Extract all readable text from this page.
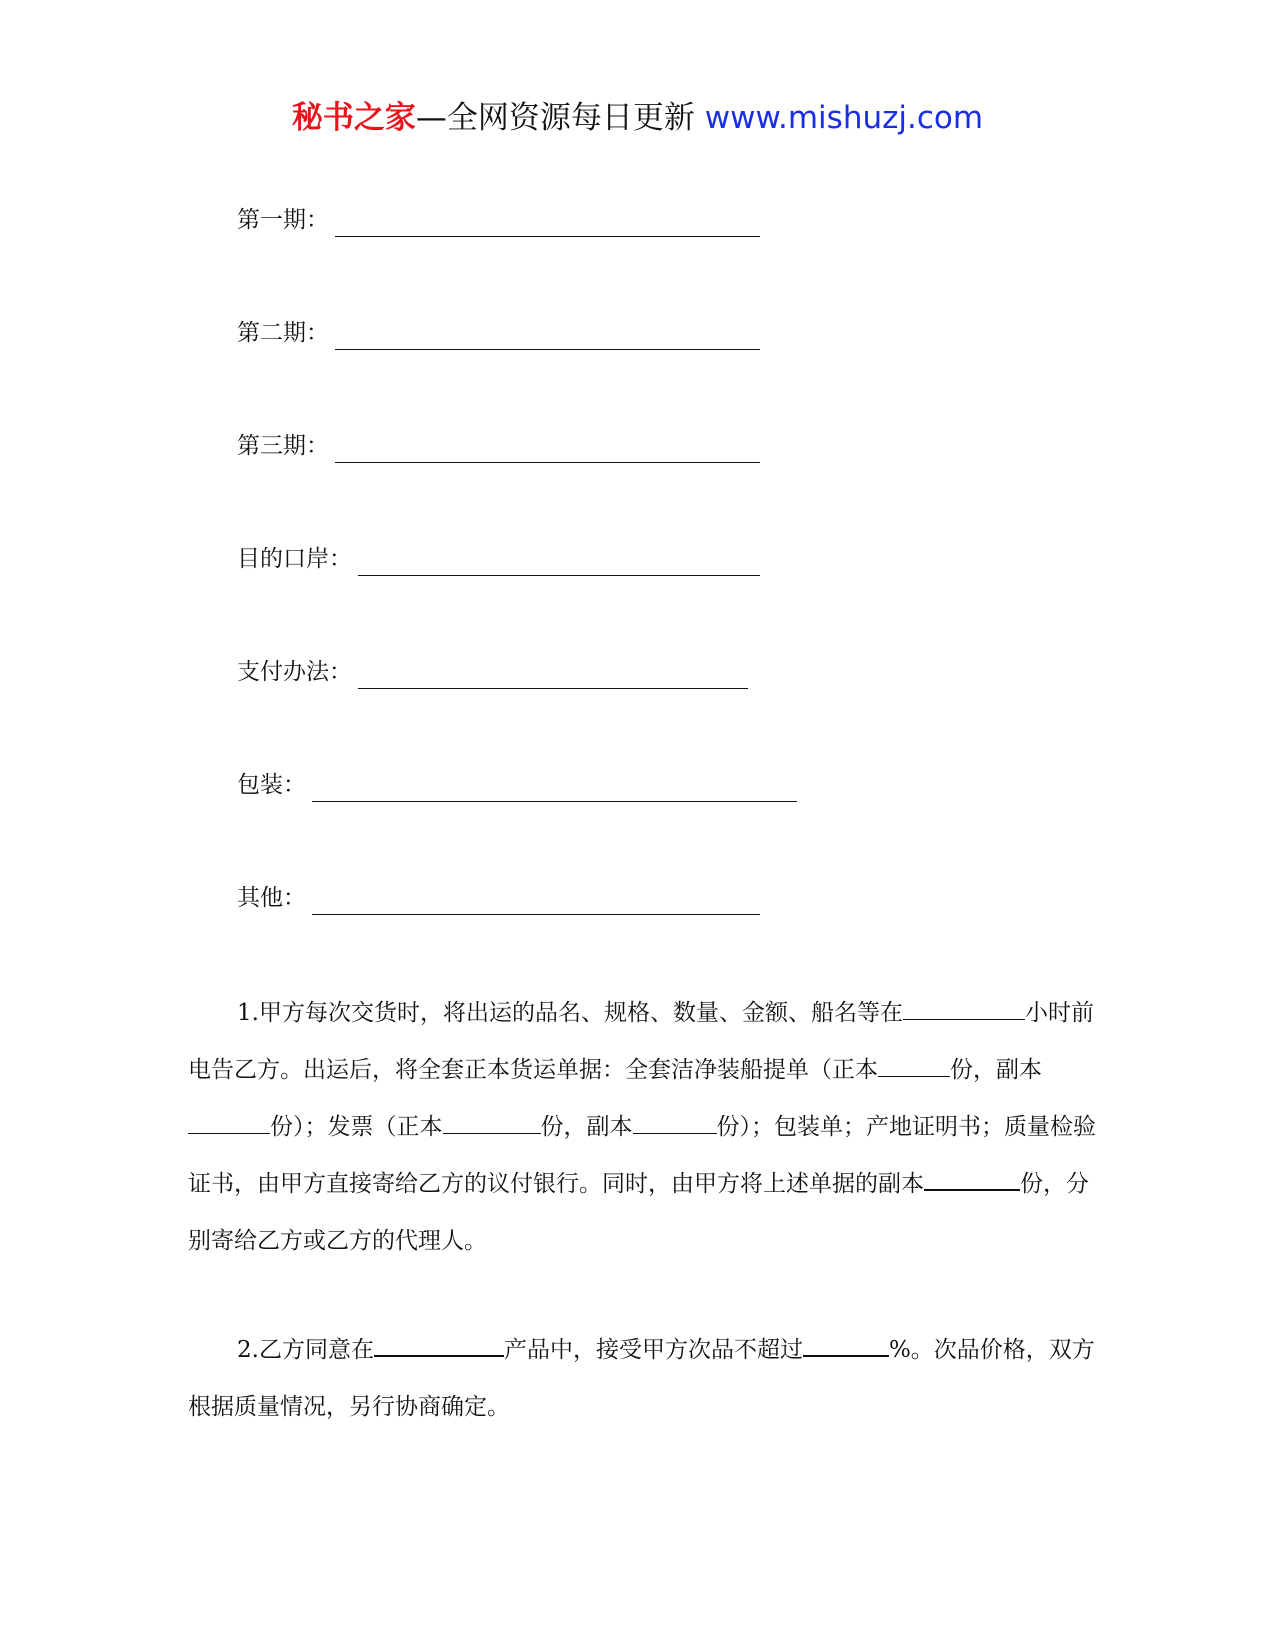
秘书之家—全网资源每日更新 www.mishuzj.com
第一期：
第二期：
第三期：
目的口岸：
支付办法：
包装：
其他：

1.甲方每次交货时，将出运的品名、规格、数量、金额、船名等在	小时前电告乙方。出运后，将全套正本货运单据：全套洁净装船提单（正本	份，副本份）；发票（正本	份，副本	份）；包装单；产地证明书；质量检验证书，由甲方直接寄给乙方的议付银行。同时，由甲方将上述单据的副本	份，分别寄给乙方或乙方的代理人。

2.乙方同意在	产品中，接受甲方次品不超过	%。次品价格，双方根据质量情况，另行协商确定。
